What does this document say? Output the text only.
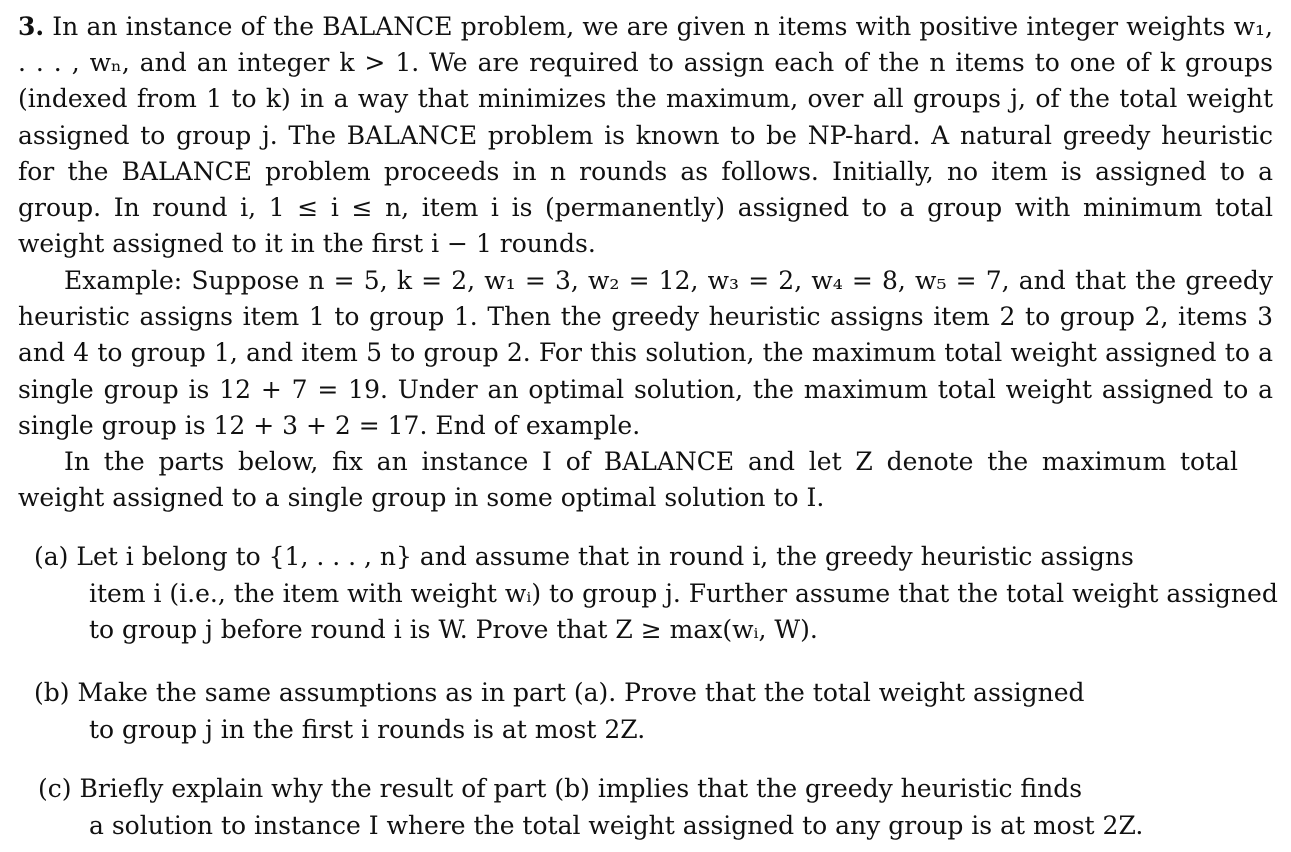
3. In an instance of the BALANCE problem, we are given n items with positive integer weights w₁, . . . , wₙ, and an integer k > 1. We are required to assign each of the n items to one of k groups (indexed from 1 to k) in a way that minimizes the maximum, over all groups j, of the total weight assigned to group j. The BALANCE problem is known to be NP-hard. A natural greedy heuristic for the BALANCE problem proceeds in n rounds as follows. Initially, no item is assigned to a group. In round i, 1 ≤ i ≤ n, item i is (permanently) assigned to a group with minimum total weight assigned to it in the first i − 1 rounds.

Example: Suppose n = 5, k = 2, w₁ = 3, w₂ = 12, w₃ = 2, w₄ = 8, w₅ = 7, and that the greedy heuristic assigns item 1 to group 1. Then the greedy heuristic assigns item 2 to group 2, items 3 and 4 to group 1, and item 5 to group 2. For this solution, the maximum total weight assigned to a single group is 12 + 7 = 19. Under an optimal solution, the maximum total weight assigned to a single group is 12 + 3 + 2 = 17. End of example.

In the parts below, fix an instance I of BALANCE and let Z denote the maximum total weight assigned to a single group in some optimal solution to I.

(a) Let i belong to {1, . . . , n} and assume that in round i, the greedy heuristic assigns
item i (i.e., the item with weight wᵢ) to group j. Further assume that the total weight assigned
to group j before round i is W. Prove that Z ≥ max(wᵢ, W).
(b) Make the same assumptions as in part (a). Prove that the total weight assigned
to group j in the first i rounds is at most 2Z.
(c) Briefly explain why the result of part (b) implies that the greedy heuristic finds
a solution to instance I where the total weight assigned to any group is at most 2Z.
